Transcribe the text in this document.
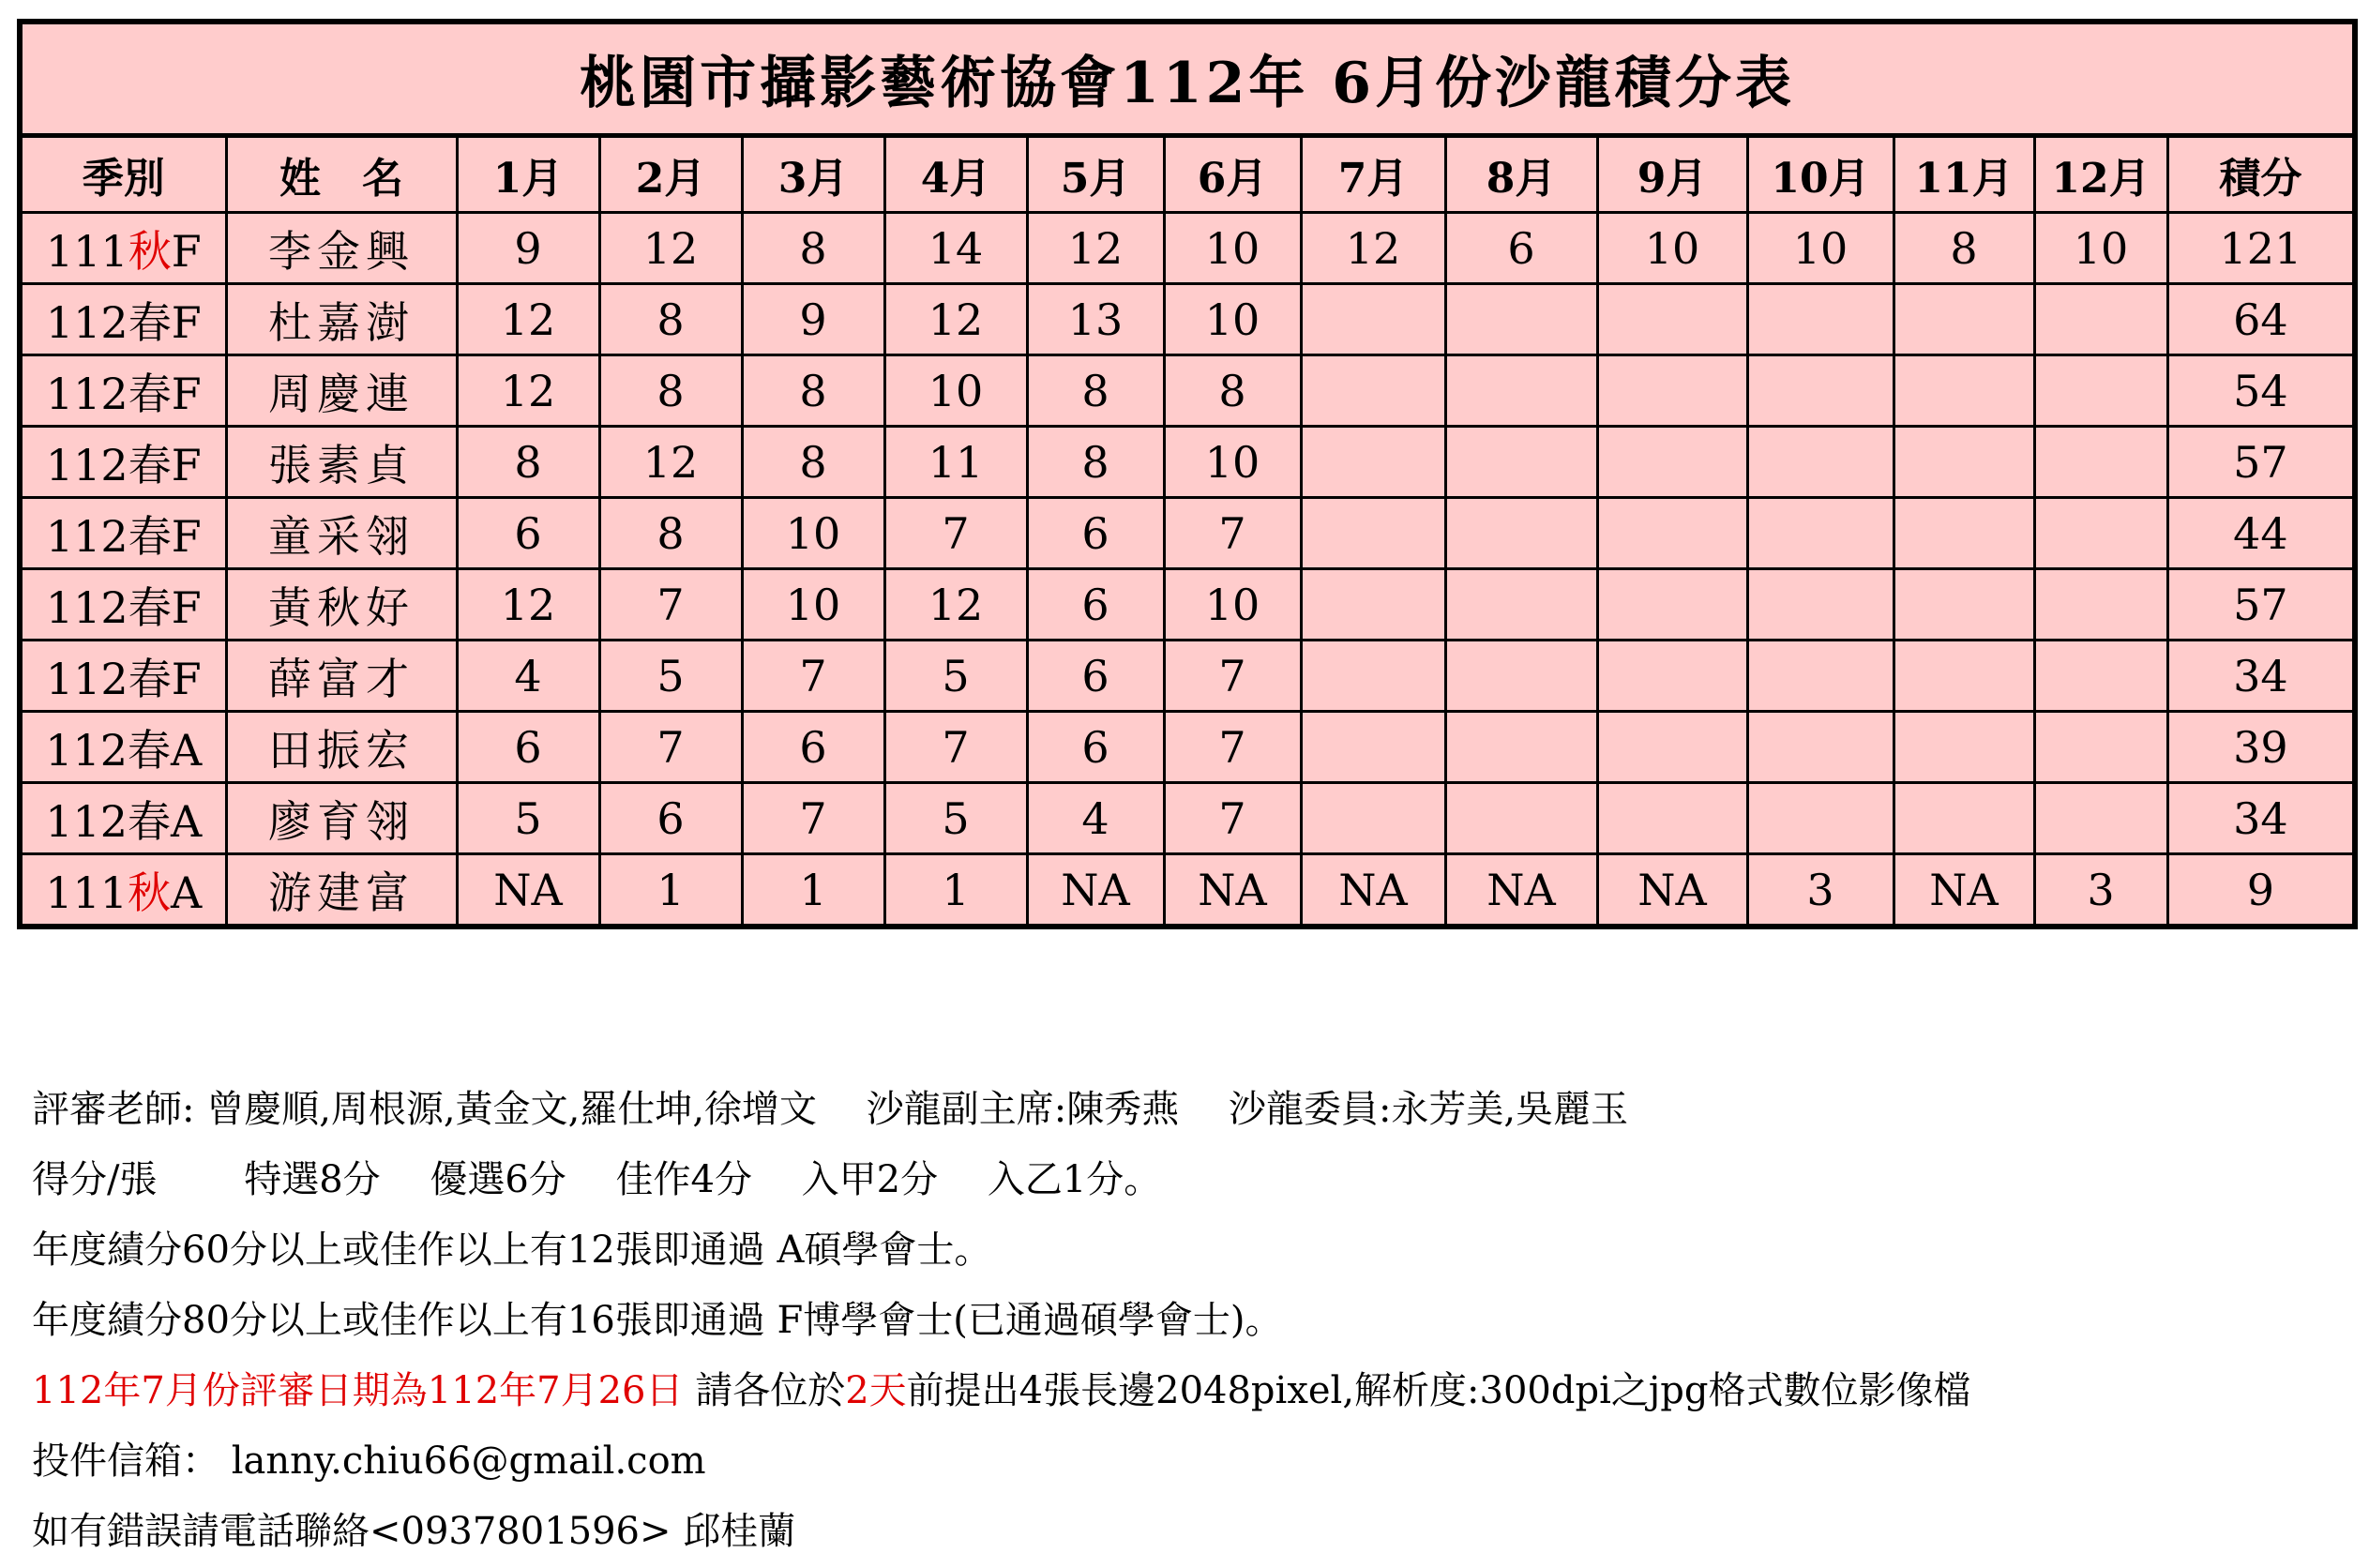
桃園市攝影藝術協會112年 6月份沙龍積分表														
季別	姓　名	1月	2月	3月	4月	5月	6月	7月	8月	9月	10月	11月	12月	積分
111秋F	李金興	9	12	8	14	12	10	12	6	10	10	8	10	121
112春F	杜嘉澍	12	8	9	12	13	10							64
112春F	周慶連	12	8	8	10	8	8							54
112春F	張素貞	8	12	8	11	8	10							57
112春F	童采翎	6	8	10	7	6	7							44
112春F	黃秋好	12	7	10	12	6	10							57
112春F	薛富才	4	5	7	5	6	7							34
112春A	田振宏	6	7	6	7	6	7							39
112春A	廖育翎	5	6	7	5	4	7							34
111秋A	游建富	NA	1	1	1	NA	NA	NA	NA	NA	3	NA	3	9
評審老師: 曾慶順,周根源,黃金文,羅仕坤,徐增文　 沙龍副主席:陳秀燕　 沙龍委員:永芳美,吳麗玉
得分/張　　 特選8分　 優選6分　 佳作4分　 入甲2分　 入乙1分。
年度績分60分以上或佳作以上有12張即通過 A碩學會士。
年度績分80分以上或佳作以上有16張即通過 F博學會士(已通過碩學會士)。
112年7月份評審日期為112年7月26日 請各位於2天前提出4張長邊2048pixel,解析度:300dpi之jpg格式數位影像檔
投件信箱： lanny.chiu66@gmail.com
如有錯誤請電話聯絡<0937801596> 邱桂蘭
